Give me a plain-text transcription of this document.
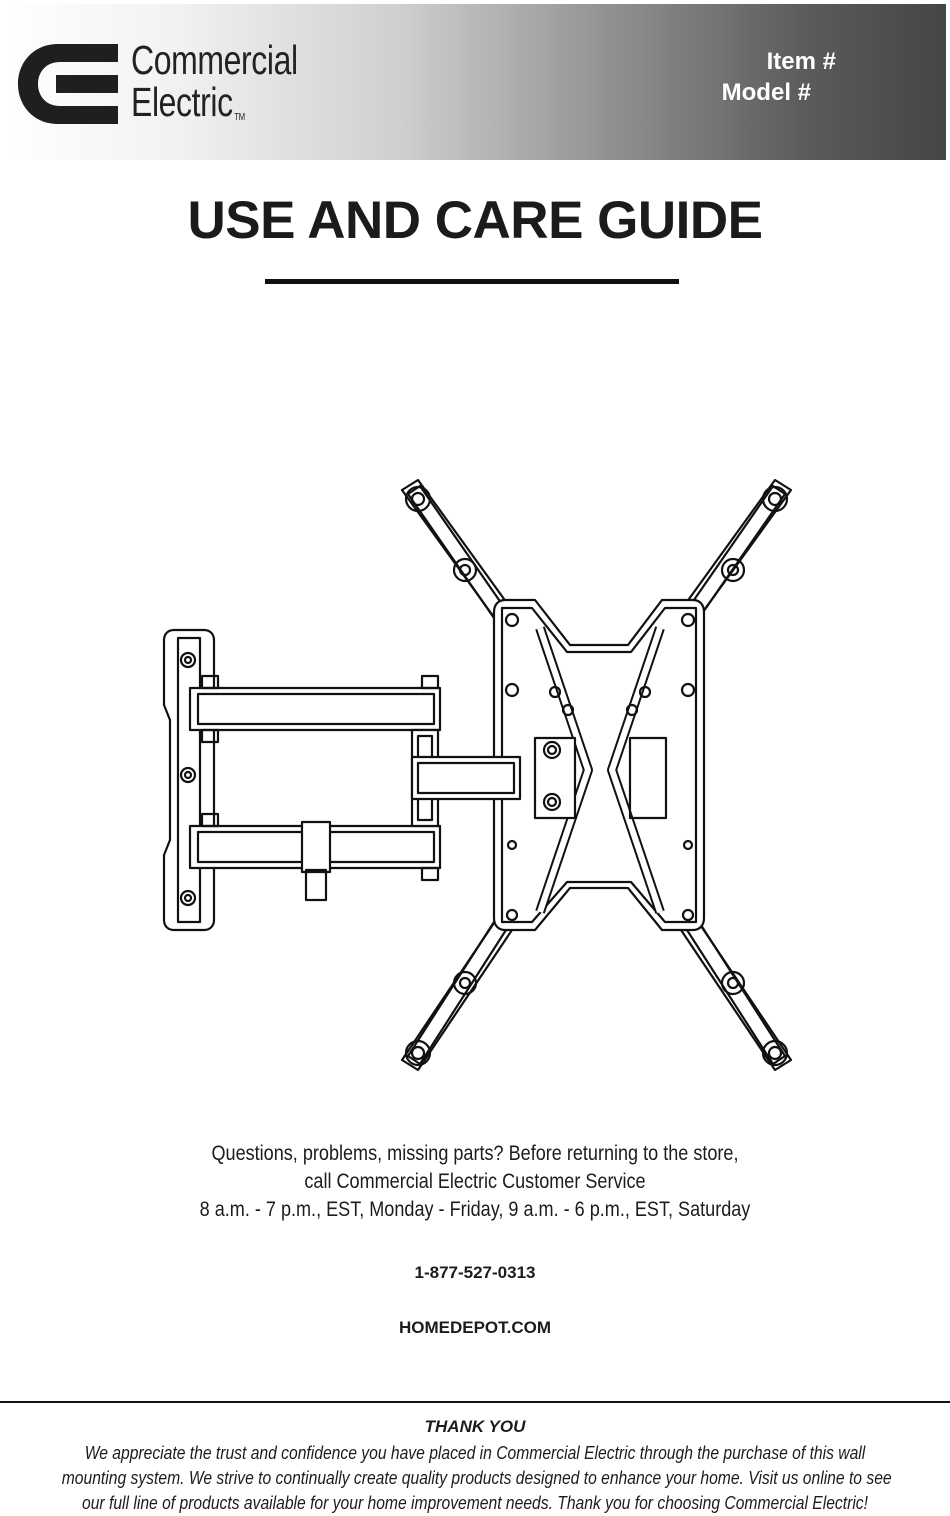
Commercial
Electric TM
Item #
Model #
USE AND CARE GUIDE

Questions, problems, missing parts? Before returning to the store,

call Commercial Electric Customer Service

8 a.m. - 7 p.m., EST, Monday - Friday, 9 a.m. - 6 p.m., EST, Saturday

1-877-527-0313
HOMEDEPOT.COM
THANK YOU
We appreciate the trust and confidence you have placed in Commercial Electric through the purchase of this wall
mounting system. We strive to continually create quality products designed to enhance your home. Visit us online to see
our full line of products available for your home improvement needs. Thank you for choosing Commercial Electric!
